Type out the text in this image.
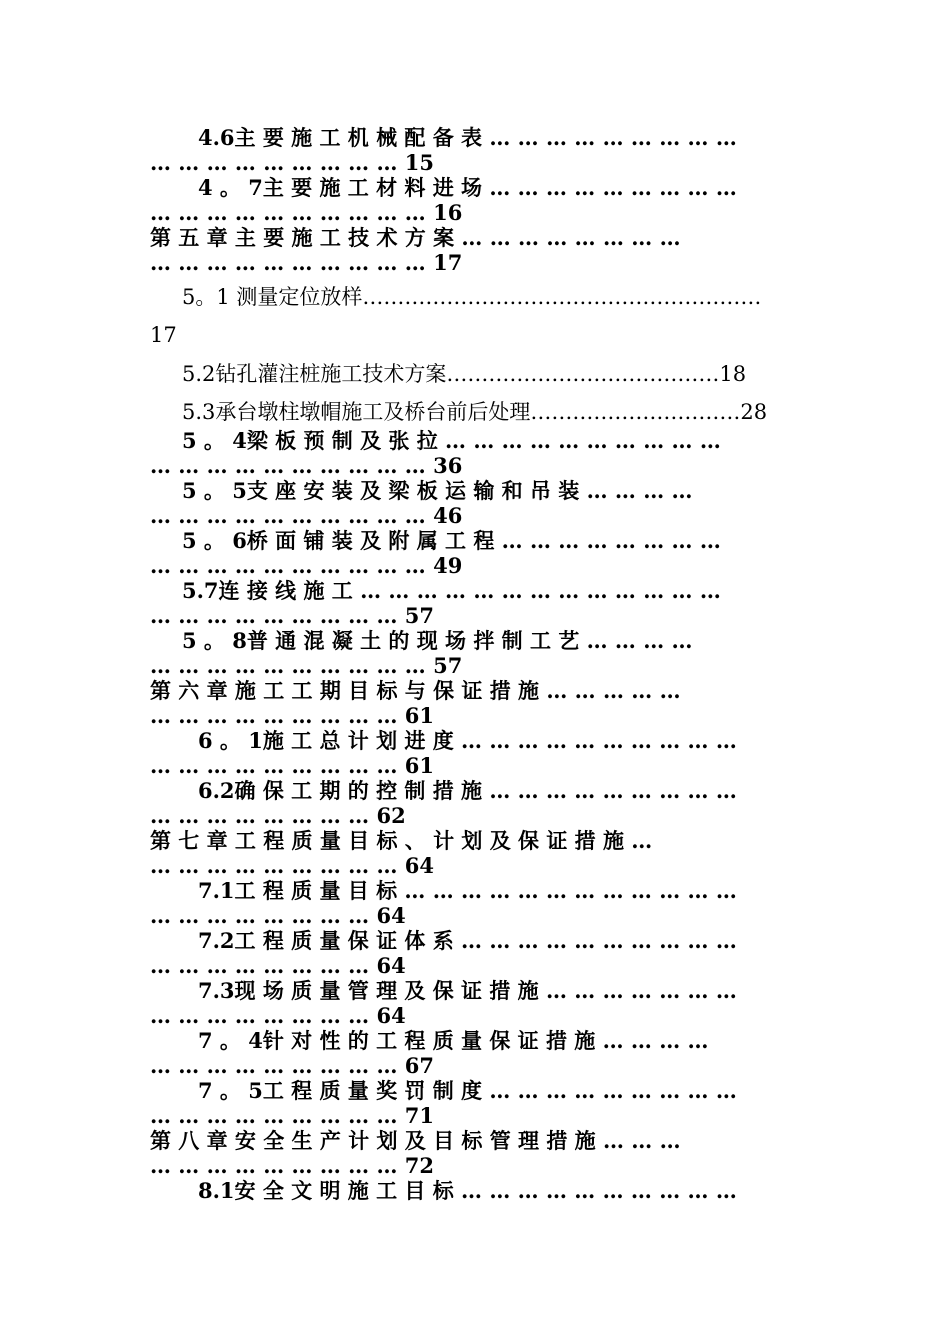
4.6主 要 施 工 机 械 配 备 表 … … … … … … … … …
… … … … … … … … … 15
4 。 7主 要 施 工 材 料 进 场 … … … … … … … … …
… … … … … … … … … … 16
第 五 章 主 要 施 工 技 术 方 案 … … … … … … … …
… … … … … … … … … … 17
5。1 测量定位放样…………………………………………………
17
5.2钻孔灌注桩施工技术方案…………………………………18
5.3承台墩柱墩帽施工及桥台前后处理…………………………28
5 。 4梁 板 预 制 及 张 拉 … … … … … … … … … …
… … … … … … … … … … 36
5 。 5支 座 安 装 及 梁 板 运 输 和 吊 装 … … … …
… … … … … … … … … … 46
5 。 6桥 面 铺 装 及 附 属 工 程 … … … … … … … …
… … … … … … … … … … 49
5.7连 接 线 施 工 … … … … … … … … … … … … …
… … … … … … … … … 57
5 。 8普 通 混 凝 土 的 现 场 拌 制 工 艺 … … … …
… … … … … … … … … … 57
第 六 章 施 工 工 期 目 标 与 保 证 措 施 … … … … …
… … … … … … … … … 61
6 。 1施 工 总 计 划 进 度 … … … … … … … … … …
… … … … … … … … … 61
6.2确 保 工 期 的 控 制 措 施 … … … … … … … … …
… … … … … … … … 62
第 七 章 工 程 质 量 目 标 、 计 划 及 保 证 措 施 …
… … … … … … … … … 64
7.1工 程 质 量 目 标 … … … … … … … … … … … …
… … … … … … … … 64
7.2工 程 质 量 保 证 体 系 … … … … … … … … … …
… … … … … … … … 64
7.3现 场 质 量 管 理 及 保 证 措 施 … … … … … … …
… … … … … … … … 64
7 。 4针 对 性 的 工 程 质 量 保 证 措 施 … … … …
… … … … … … … … … 67
7 。 5工 程 质 量 奖 罚 制 度 … … … … … … … … …
… … … … … … … … … 71
第 八 章 安 全 生 产 计 划 及 目 标 管 理 措 施 … … …
… … … … … … … … … 72
8.1安 全 文 明 施 工 目 标 … … … … … … … … … …
